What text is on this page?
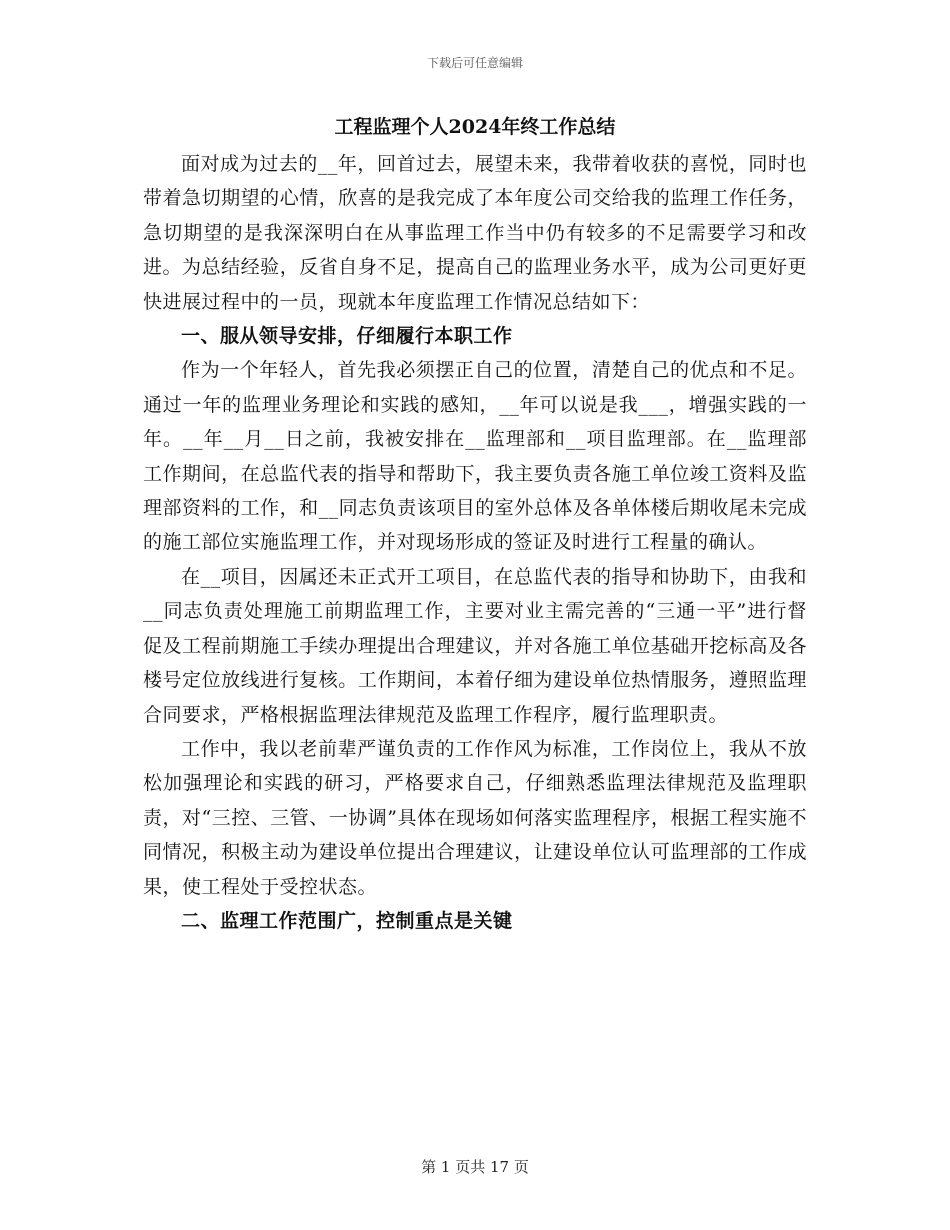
下载后可任意编辑
工程监理个人2024年终工作总结

面对成为过去的__年，回首过去，展望未来，我带着收获的喜悦，同时也带着急切期望的心情，欣喜的是我完成了本年度公司交给我的监理工作任务，急切期望的是我深深明白在从事监理工作当中仍有较多的不足需要学习和改进。为总结经验，反省自身不足，提高自己的监理业务水平，成为公司更好更快进展过程中的一员，现就本年度监理工作情况总结如下：

一、服从领导安排，仔细履行本职工作

作为一个年轻人，首先我必须摆正自己的位置，清楚自己的优点和不足。通过一年的监理业务理论和实践的感知，__年可以说是我___，增强实践的一年。__年__月__日之前，我被安排在__监理部和__项目监理部。在__监理部工作期间，在总监代表的指导和帮助下，我主要负责各施工单位竣工资料及监理部资料的工作，和__同志负责该项目的室外总体及各单体楼后期收尾未完成的施工部位实施监理工作，并对现场形成的签证及时进行工程量的确认。

在__项目，因属还未正式开工项目，在总监代表的指导和协助下，由我和__同志负责处理施工前期监理工作，主要对业主需完善的“三通一平”进行督促及工程前期施工手续办理提出合理建议，并对各施工单位基础开挖标高及各楼号定位放线进行复核。工作期间，本着仔细为建设单位热情服务，遵照监理合同要求，严格根据监理法律规范及监理工作程序，履行监理职责。

工作中，我以老前辈严谨负责的工作作风为标准，工作岗位上，我从不放松加强理论和实践的研习，严格要求自己，仔细熟悉监理法律规范及监理职责，对“三控、三管、一协调”具体在现场如何落实监理程序，根据工程实施不同情况，积极主动为建设单位提出合理建议，让建设单位认可监理部的工作成果，使工程处于受控状态。

二、监理工作范围广，控制重点是关键
第 1 页共 17 页
